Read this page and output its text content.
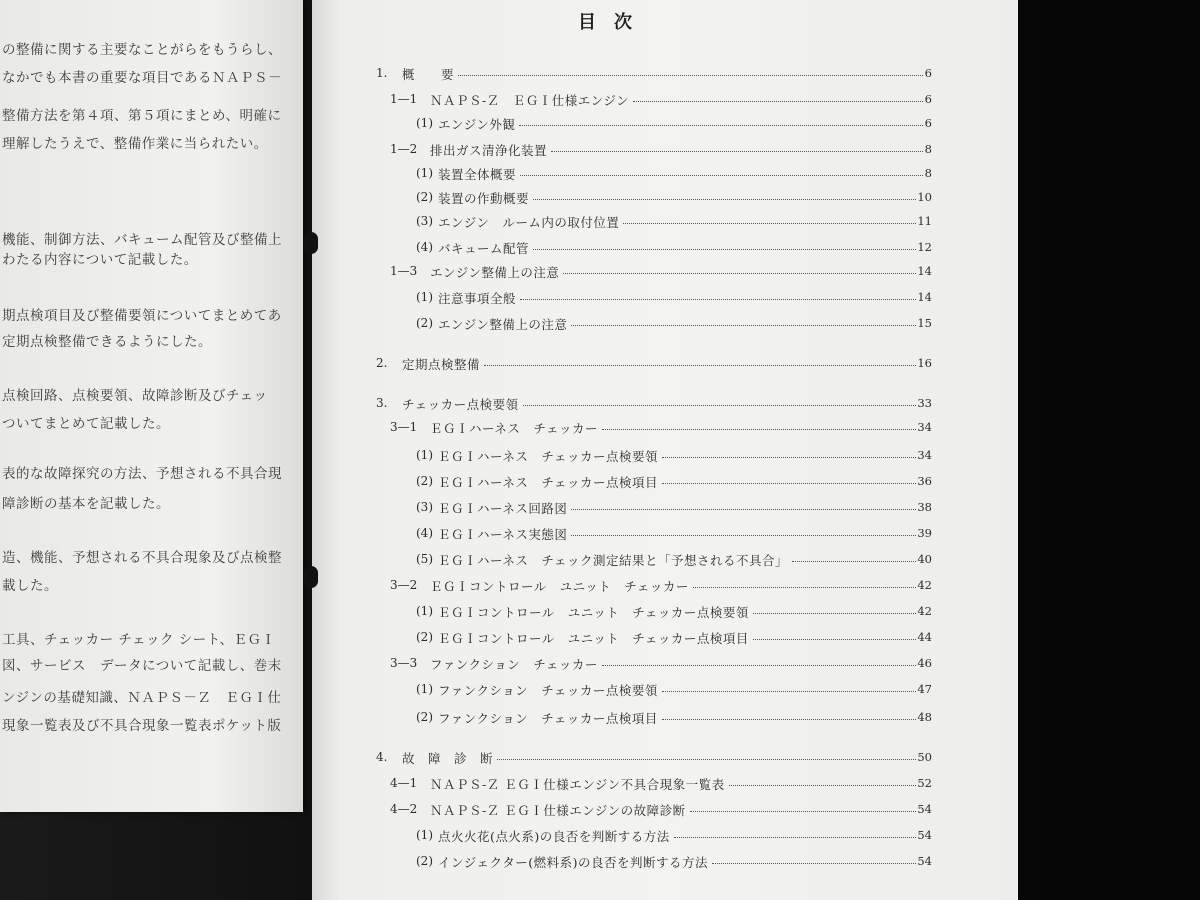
の整備に関する主要なことがらをもうらし、
なかでも本書の重要な項目であるＮＡＰＳ－
整備方法を第４項、第５項にまとめ、明確に
理解したうえで、整備作業に当られたい。
機能、制御方法、バキューム配管及び整備上
わたる内容について記載した。
期点検項目及び整備要領についてまとめてあ
定期点検整備できるようにした。
点検回路、点検要領、故障診断及びチェッ
ついてまとめて記載した。
表的な故障探究の方法、予想される不具合現
障診断の基本を記載した。
造、機能、予想される不具合現象及び点検整
載した。
工具、チェッカー チェック シート、ＥＧＩ
図、サービス　データについて記載し、巻末
ンジンの基礎知識、ＮＡＰＳ－Ｚ　ＥＧＩ仕
現象一覧表及び不具合現象一覧表ポケット版
目　次
1. 概　　要	6
1—1 ＮＡＰＳ-Ｚ　ＥＧＩ仕様エンジン	6
(1) エンジン外観	6
1—2 排出ガス清浄化装置	8
(1) 装置全体概要	8
(2) 装置の作動概要	10
(3) エンジン　ルーム内の取付位置	11
(4) バキューム配管	12
1—3 エンジン整備上の注意	14
(1) 注意事項全般	14
(2) エンジン整備上の注意	15
2. 定期点検整備	16
3. チェッカー点検要領	33
3—1 ＥＧＩハーネス　チェッカー	34
(1) ＥＧＩハーネス　チェッカー点検要領	34
(2) ＥＧＩハーネス　チェッカー点検項目	36
(3) ＥＧＩハーネス回路図	38
(4) ＥＧＩハーネス実態図	39
(5) ＥＧＩハーネス　チェック測定結果と「予想される不具合」	40
3—2 ＥＧＩコントロール　ユニット　チェッカー	42
(1) ＥＧＩコントロール　ユニット　チェッカー点検要領	42
(2) ＥＧＩコントロール　ユニット　チェッカー点検項目	44
3—3 ファンクション　チェッカー	46
(1) ファンクション　チェッカー点検要領	47
(2) ファンクション　チェッカー点検項目	48
4. 故　障　診　断	50
4—1 ＮＡＰＳ-Ｚ ＥＧＩ仕様エンジン不具合現象一覧表	52
4—2 ＮＡＰＳ-Ｚ ＥＧＩ仕様エンジンの故障診断	54
(1) 点火火花(点火系)の良否を判断する方法	54
(2) インジェクター(燃料系)の良否を判断する方法	54
